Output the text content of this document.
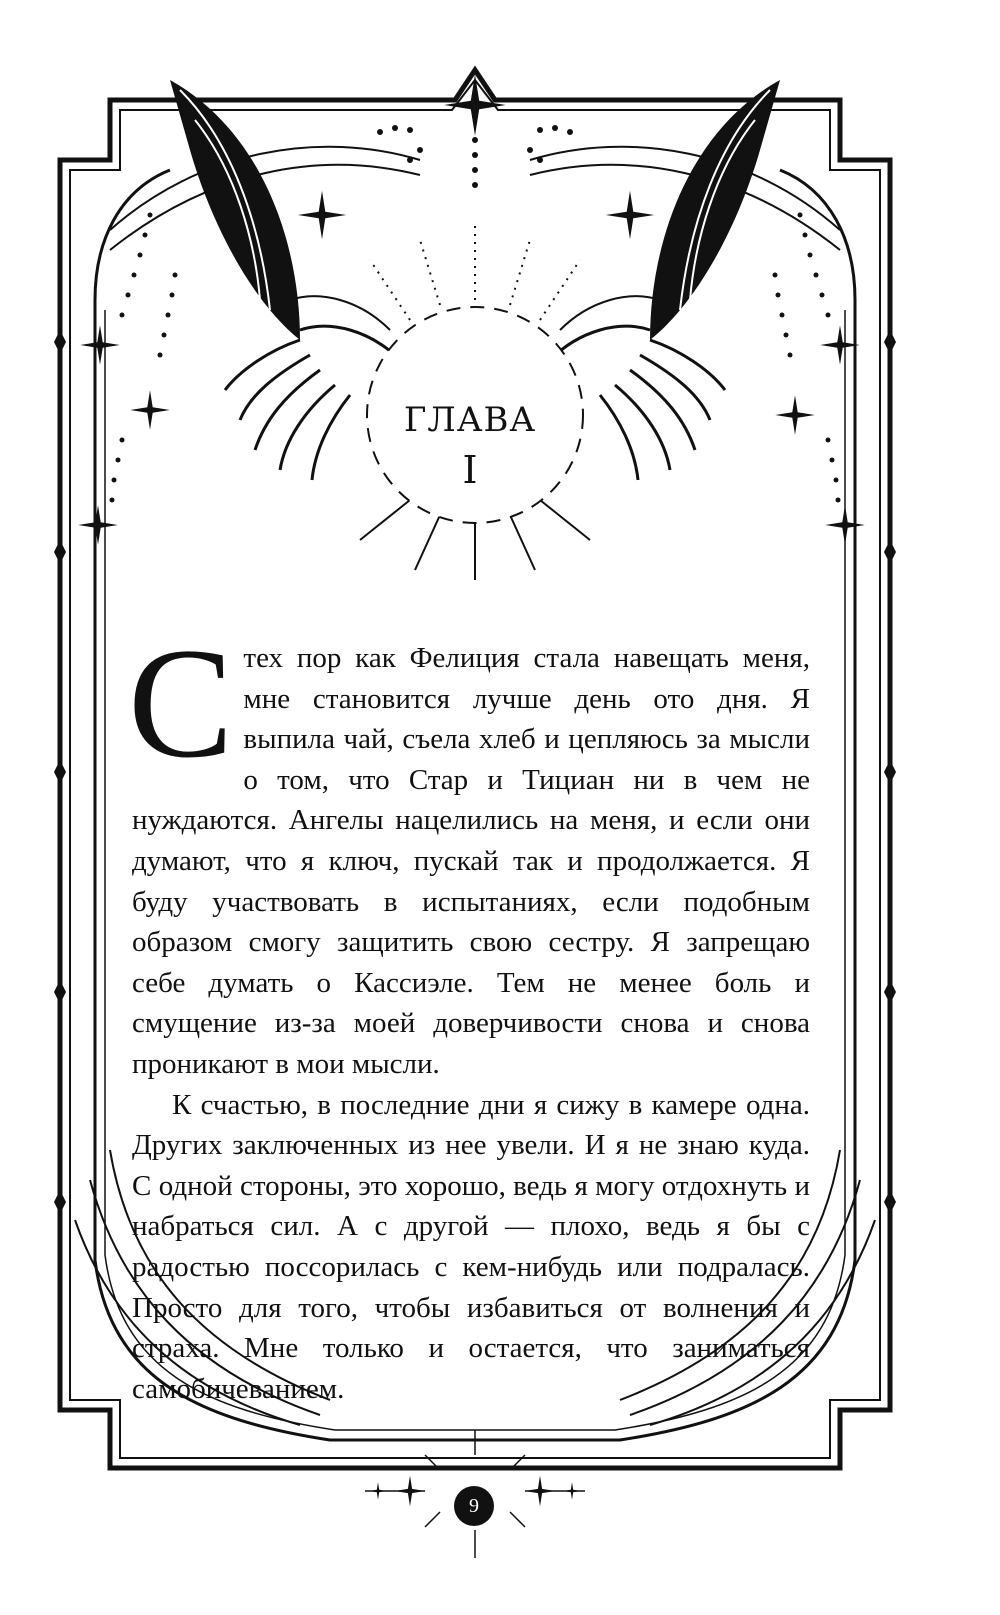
ГЛАВА
I

Стех пор как Фелиция стала навещать меня, мне становится лучше день ото дня. Я выпила чай, съела хлеб и цепляюсь за мысли о том, что Стар и Тициан ни в чем не нуждаются. Ангелы нацелились на меня, и если они думают, что я ключ, пускай так и продолжается. Я буду участвовать в испытаниях, если подобным образом смогу защитить свою сестру. Я запрещаю себе думать о Кассиэле. Тем не менее боль и смущение из-за моей доверчивости снова и снова проникают в мои мысли.

К счастью, в последние дни я сижу в камере одна. Других заключенных из нее увели. И я не знаю куда. С одной стороны, это хорошо, ведь я могу отдохнуть и набраться сил. А с другой — плохо, ведь я бы с радостью поссорилась с кем-нибудь или подралась. Просто для того, чтобы избавиться от волнения и страха. Мне только и остается, что заниматься самобичеванием.

9
